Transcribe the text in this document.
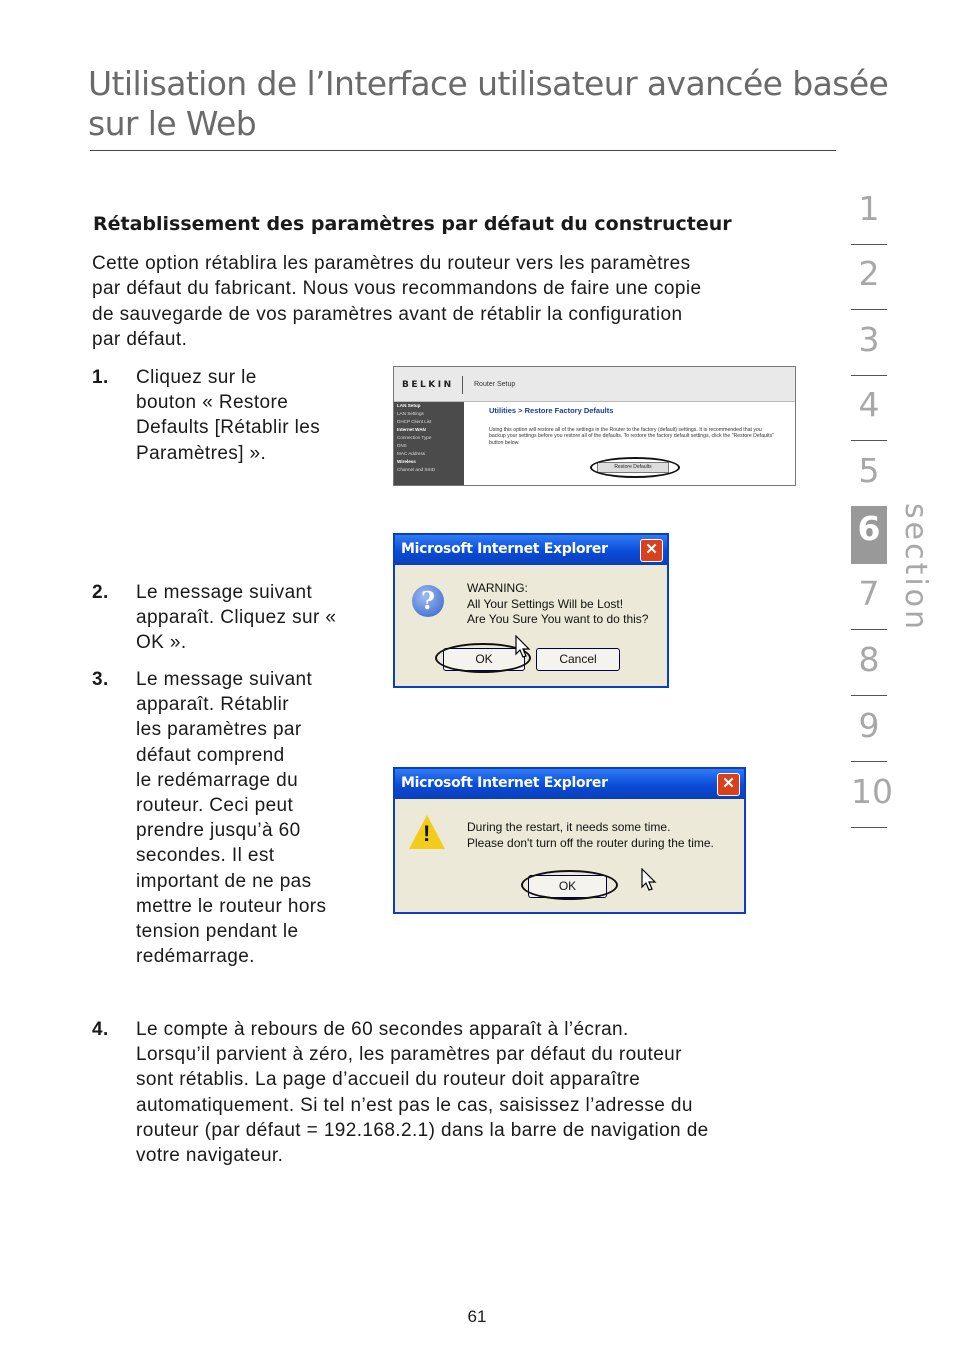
Utilisation de l’Interface utilisateur avancée basée sur le Web
1
2
3
4
5
6
7
8
9
10
section
Rétablissement des paramètres par défaut du constructeur
Cette option rétablira les paramètres du routeur vers les paramètres
par défaut du fabricant. Nous vous recommandons de faire une copie
de sauvegarde de vos paramètres avant de rétablir la configuration
par défaut.
1. Cliquez sur le
bouton « Restore
Defaults [Rétablir les
Paramètres] ».
2. Le message suivant
apparaît. Cliquez sur «
OK ».
3. Le message suivant
apparaît. Rétablir
les paramètres par
défaut comprend
le redémarrage du
routeur. Ceci peut
prendre jusqu’à 60
secondes. Il est
important de ne pas
mettre le routeur hors
tension pendant le
redémarrage.
4. Le compte à rebours de 60 secondes apparaît à l’écran.
Lorsqu’il parvient à zéro, les paramètres par défaut du routeur
sont rétablis. La page d’accueil du routeur doit apparaître
automatiquement. Si tel n’est pas le cas, saisissez l’adresse du
routeur (par défaut = 192.168.2.1) dans la barre de navigation de
votre navigateur.
BELKIN	Router Setup
LAN Setup
LAN Settings
DHCP Client List
Internet WAN
Connection Type
DNS
MAC Address
Wireless
Channel and SSID
Utilities > Restore Factory Defaults
Using this option will restore all of the settings in the Router to the factory (default) settings. It is recommended that you backup your settings before you restore all of the defaults. To restore the factory default settings, click the "Restore Defaults" button below.
Restore Defaults
Microsoft Internet Explorer	✕
?	WARNING:
All Your Settings Will be Lost!
Are You Sure You want to do this?
OK	Cancel
Microsoft Internet Explorer	✕
!	During the restart, it needs some time.
Please don't turn off the router during the time.
OK
61
